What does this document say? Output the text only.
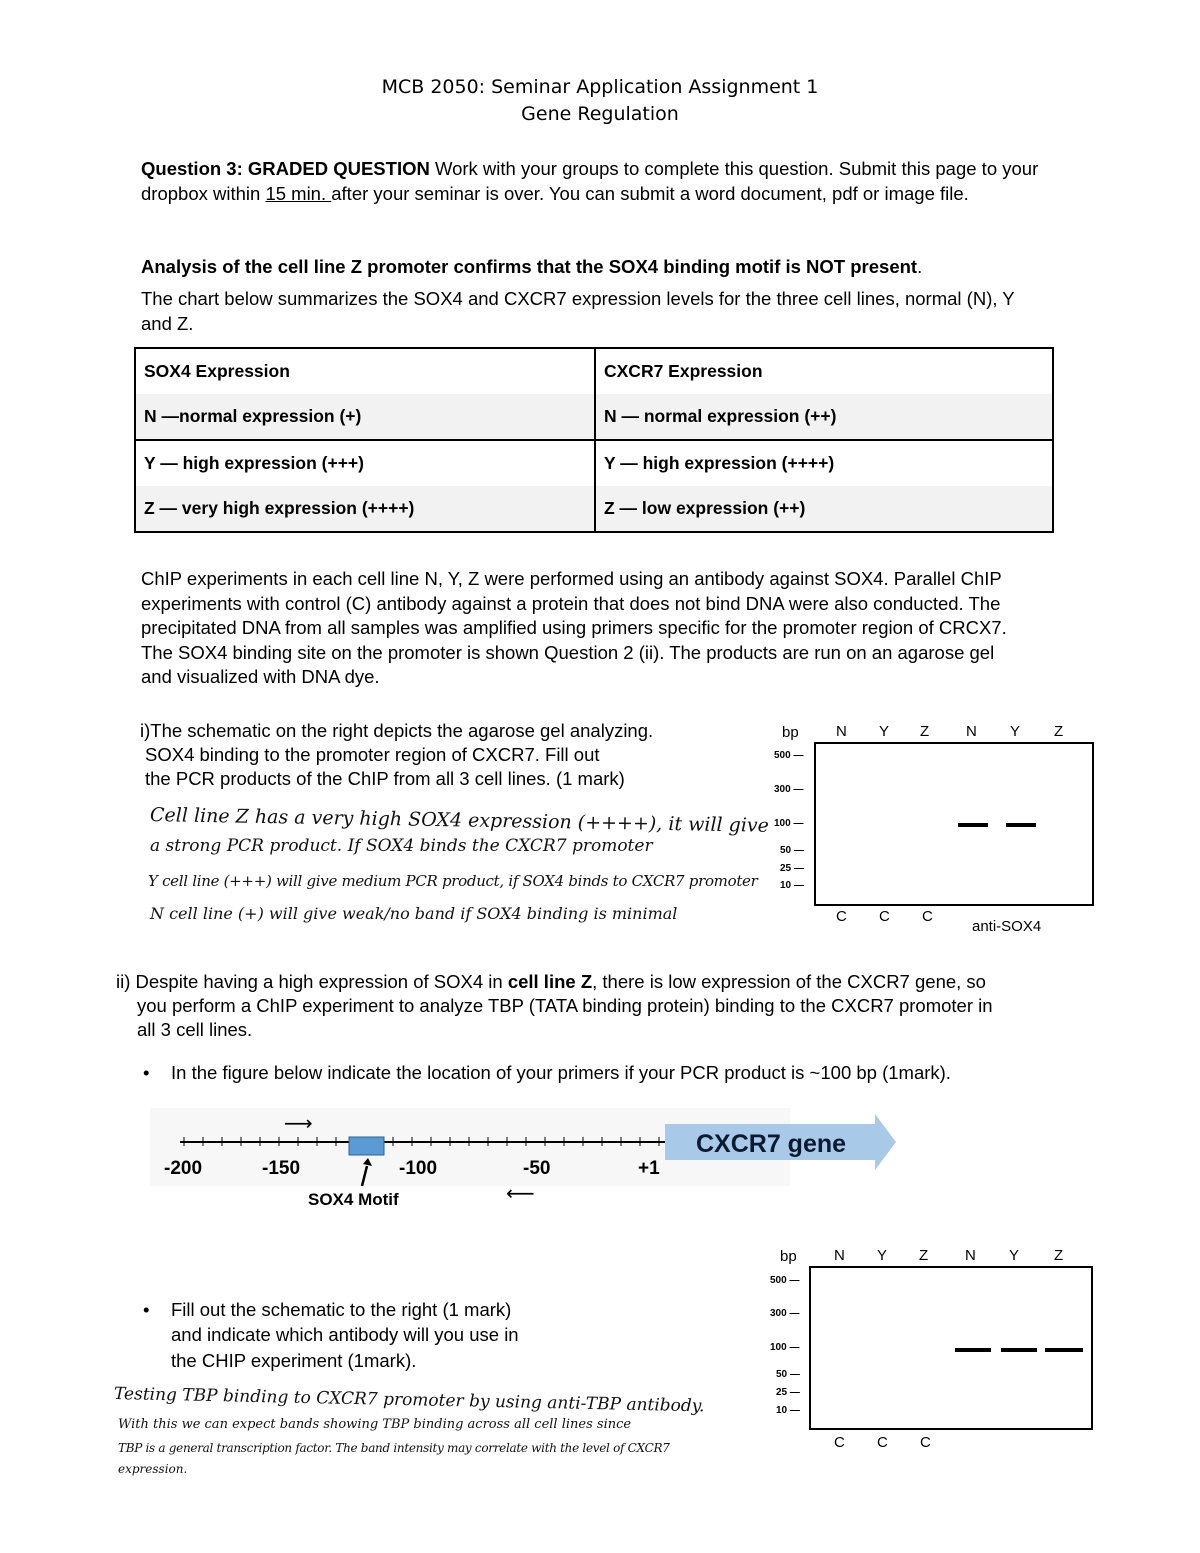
MCB 2050: Seminar Application Assignment 1
Gene Regulation
Question 3: GRADED QUESTION Work with your groups to complete this question. Submit this page to your dropbox within 15 min. after your seminar is over. You can submit a word document, pdf or image file.
Analysis of the cell line Z promoter confirms that the SOX4 binding motif is NOT present.
The chart below summarizes the SOX4 and CXCR7 expression levels for the three cell lines, normal (N), Y and Z.
SOX4 Expression	CXCR7 Expression
N —normal expression (+)	N — normal expression (++)
Y — high expression (+++)	Y — high expression (++++)
Z — very high expression (++++)	Z — low expression (++)
ChIP experiments in each cell line N, Y, Z were performed using an antibody against SOX4. Parallel ChIP experiments with control (C) antibody against a protein that does not bind DNA were also conducted. The precipitated DNA from all samples was amplified using primers specific for the promoter region of CRCX7. The SOX4 binding site on the promoter is shown Question 2 (ii). The products are run on an agarose gel and visualized with DNA dye.
i)The schematic on the right depicts the agarose gel analyzing.
SOX4 binding to the promoter region of CXCR7. Fill out
the PCR products of the ChIP from all 3 cell lines. (1 mark)
Cell line Z has a very high SOX4 expression (++++), it will give
a strong PCR product. If SOX4 binds the CXCR7 promoter
Y cell line (+++) will give medium PCR product, if SOX4 binds to CXCR7 promoter
N cell line (+) will give weak/no band if SOX4 binding is minimal
bp N Y Z N Y Z
500 —
300 —
100 —
50 —
25 —
10 —
C C C
anti-SOX4
ii) Despite having a high expression of SOX4 in cell line Z, there is low expression of the CXCR7 gene, so
you perform a ChIP experiment to analyze TBP (TATA binding protein) binding to the CXCR7 promoter in
all 3 cell lines.
• In the figure below indicate the location of your primers if your PCR product is ~100 bp (1mark).
-200	-150	-100	-50	+1
CXCR7 gene
SOX4 Motif
⟶
⟵
• Fill out the schematic to the right (1 mark)
and indicate which antibody will you use in
the CHIP experiment (1mark).
Testing TBP binding to CXCR7 promoter by using anti-TBP antibody.
With this we can expect bands showing TBP binding across all cell lines since
TBP is a general transcription factor. The band intensity may correlate with the level of CXCR7
expression.
bp N Y Z N Y Z
500 —
300 —
100 —
50 —
25 —
10 —
C C C
